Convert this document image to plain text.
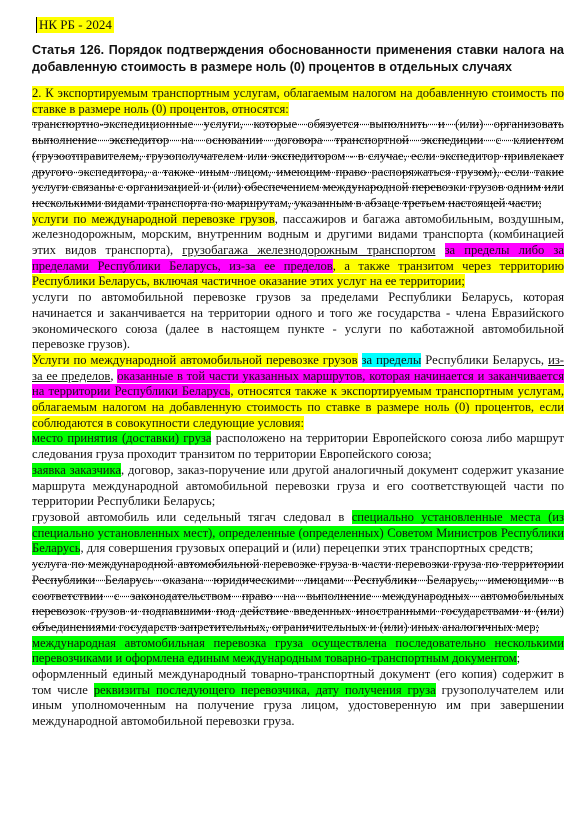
НК РБ - 2024
Статья 126. Порядок подтверждения обоснованности применения ставки налога на добавленную стоимость в размере ноль (0) процентов в отдельных случаях

2. К экспортируемым транспортным услугам, облагаемым налогом на добавленную стоимость по ставке в размере ноль (0) процентов, относятся:

транспортно-экспедиционные услуги, которые обязуется выполнить и (или) организовать выполнение экспедитор на основании договора транспортной экспедиции с клиентом (грузоотправителем, грузополучателем или экспедитором - в случае, если экспедитор привлекает другого экспедитора, а также иным лицом, имеющим право распоряжаться грузом), если такие услуги связаны с организацией и (или) обеспечением международной перевозки грузов одним или несколькими видами транспорта по маршрутам, указанным в абзаце третьем настоящей части;

услуги по международной перевозке грузов, пассажиров и багажа автомобильным, воздушным, железнодорожным, морским, внутренним водным и другими видами транспорта (комбинацией этих видов транспорта), грузобагажа железнодорожным транспортом за пределы либо за пределами Республики Беларусь, из-за ее пределов, а также транзитом через территорию Республики Беларусь, включая частичное оказание этих услуг на ее территории;

услуги по автомобильной перевозке грузов за пределами Республики Беларусь, которая начинается и заканчивается на территории одного и того же государства - члена Евразийского экономического союза (далее в настоящем пункте - услуги по каботажной автомобильной перевозке грузов).

Услуги по международной автомобильной перевозке грузов за пределы Республики Беларусь, из-за ее пределов, оказанные в той части указанных маршрутов, которая начинается и заканчивается на территории Республики Беларусь, относятся также к экспортируемым транспортным услугам, облагаемым налогом на добавленную стоимость по ставке в размере ноль (0) процентов, если соблюдаются в совокупности следующие условия:

место принятия (доставки) груза расположено на территории Европейского союза либо маршрут следования груза проходит транзитом по территории Европейского союза;

заявка заказчика, договор, заказ-поручение или другой аналогичный документ содержит указание маршрута международной автомобильной перевозки груза и его соответствующей части по территории Республики Беларусь;

грузовой автомобиль или седельный тягач следовал в специально установленные места (из специально установленных мест), определенные (определенных) Советом Министров Республики Беларусь, для совершения грузовых операций и (или) перецепки этих транспортных средств;

услуга по международной автомобильной перевозке груза в части перевозки груза по территории Республики Беларусь оказана юридическими лицами Республики Беларусь, имеющими в соответствии с законодательством право на выполнение международных автомобильных перевозок грузов и подпавшими под действие введенных иностранными государствами и (или) объединениями государств запретительных, ограничительных и (или) иных аналогичных мер;

международная автомобильная перевозка груза осуществлена последовательно несколькими перевозчиками и оформлена единым международным товарно-транспортным документом;

оформленный единый международный товарно-транспортный документ (его копия) содержит в том числе реквизиты последующего перевозчика, дату получения груза грузополучателем или иным уполномоченным на получение груза лицом, удостоверенную им при завершении международной автомобильной перевозки груза.
